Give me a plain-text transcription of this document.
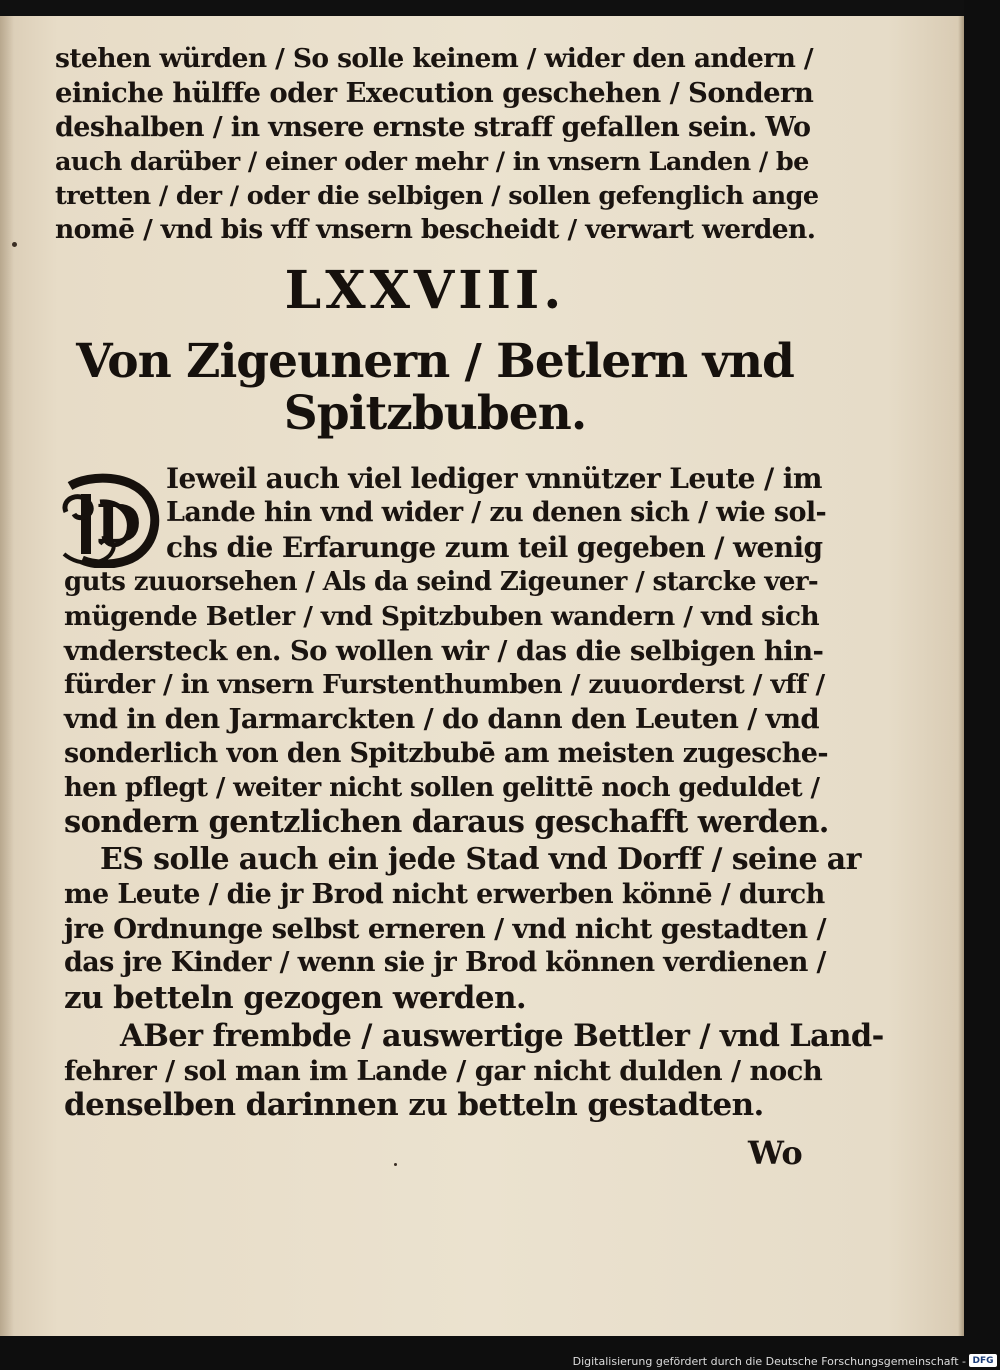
stehen würden / So solle keinem / wider den andern /
einiche hülffe oder Execution geschehen / Sondern
deshalben / in vnsere ernste straff gefallen sein. Wo
auch darüber / einer oder mehr / in vnsern Landen / be
tretten / der / oder die selbigen / sollen gefenglich ange
nomē / vnd bis vff vnsern bescheidt / verwart werden.
LXXVIII.
Von Zigeunern / Betlern vnd
Spitzbuben.
D
Ieweil auch viel lediger vnnützer Leute / im
Lande hin vnd wider / zu denen sich / wie sol-
chs die Erfarunge zum teil gegeben / wenig
guts zuuorsehen / Als da seind Zigeuner / starcke ver-
mügende Betler / vnd Spitzbuben wandern / vnd sich
vndersteck en. So wollen wir / das die selbigen hin-
fürder / in vnsern Furstenthumben / zuuorderst / vff /
vnd in den Jarmarckten / do dann den Leuten / vnd
sonderlich von den Spitzbubē am meisten zugesche-
hen pflegt / weiter nicht sollen gelittē noch geduldet /
sondern gentzlichen daraus geschafft werden.
ES solle auch ein jede Stad vnd Dorff / seine ar
me Leute / die jr Brod nicht erwerben könnē / durch
jre Ordnunge selbst erneren / vnd nicht gestadten /
das jre Kinder / wenn sie jr Brod können verdienen /
zu betteln gezogen werden.
ABer frembde / auswertige Bettler / vnd Land-
fehrer / sol man im Lande / gar nicht dulden / noch
denselben darinnen zu betteln gestadten.
Wo
Digitalisierung gefördert durch die Deutsche Forschungsgemeinschaft - DFG
